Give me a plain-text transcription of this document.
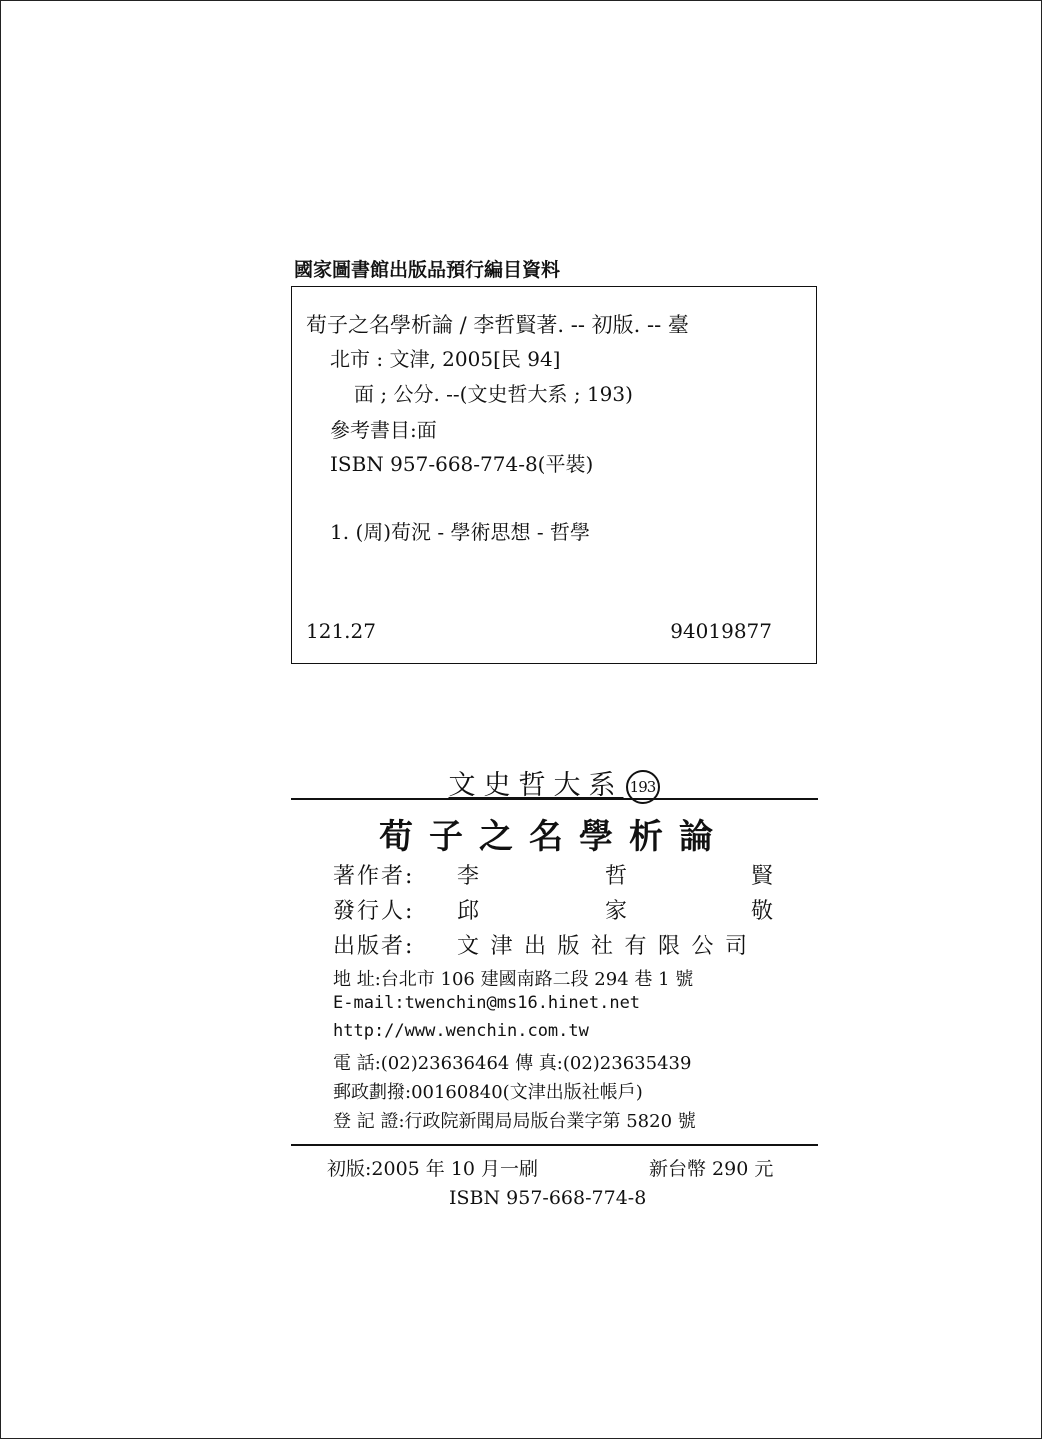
國家圖書館出版品預行編目資料
荀子之名學析論 / 李哲賢著. -- 初版. -- 臺
北市 : 文津, 2005[民 94]
面 ; 公分. --(文史哲大系 ; 193)
參考書目:面
ISBN 957-668-774-8(平裝)
1. (周)荀況 - 學術思想 - 哲學
121.27	94019877
文史哲大系 193
荀子之名學析論
著作者: 李	哲	賢
發行人: 邱	家	敬
出版者: 文津出版社有限公司
地 址:台北市 106 建國南路二段 294 巷 1 號
E-mail:twenchin@ms16.hinet.net
http://www.wenchin.com.tw
電 話:(02)23636464 傳 真:(02)23635439
郵政劃撥:00160840(文津出版社帳戶)
登 記 證:行政院新聞局局版台業字第 5820 號
初版:2005 年 10 月一刷	新台幣 290 元
ISBN 957-668-774-8
